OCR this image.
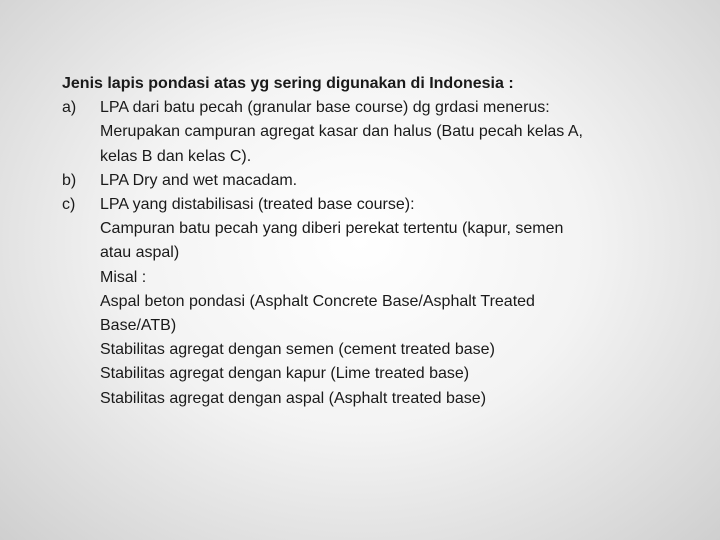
Jenis lapis pondasi atas yg sering digunakan di Indonesia :
a)	LPA dari batu pecah (granular base course) dg grdasi menerus:
Merupakan campuran agregat kasar dan halus (Batu pecah kelas A,
kelas B dan kelas C).
b)	LPA Dry and wet macadam.
c)	LPA yang distabilisasi (treated base course):
Campuran batu pecah yang diberi perekat tertentu (kapur, semen
atau aspal)
Misal :
Aspal beton pondasi (Asphalt Concrete Base/Asphalt Treated
Base/ATB)
Stabilitas agregat dengan semen (cement treated base)
Stabilitas agregat dengan kapur (Lime treated base)
Stabilitas agregat dengan aspal (Asphalt treated base)
